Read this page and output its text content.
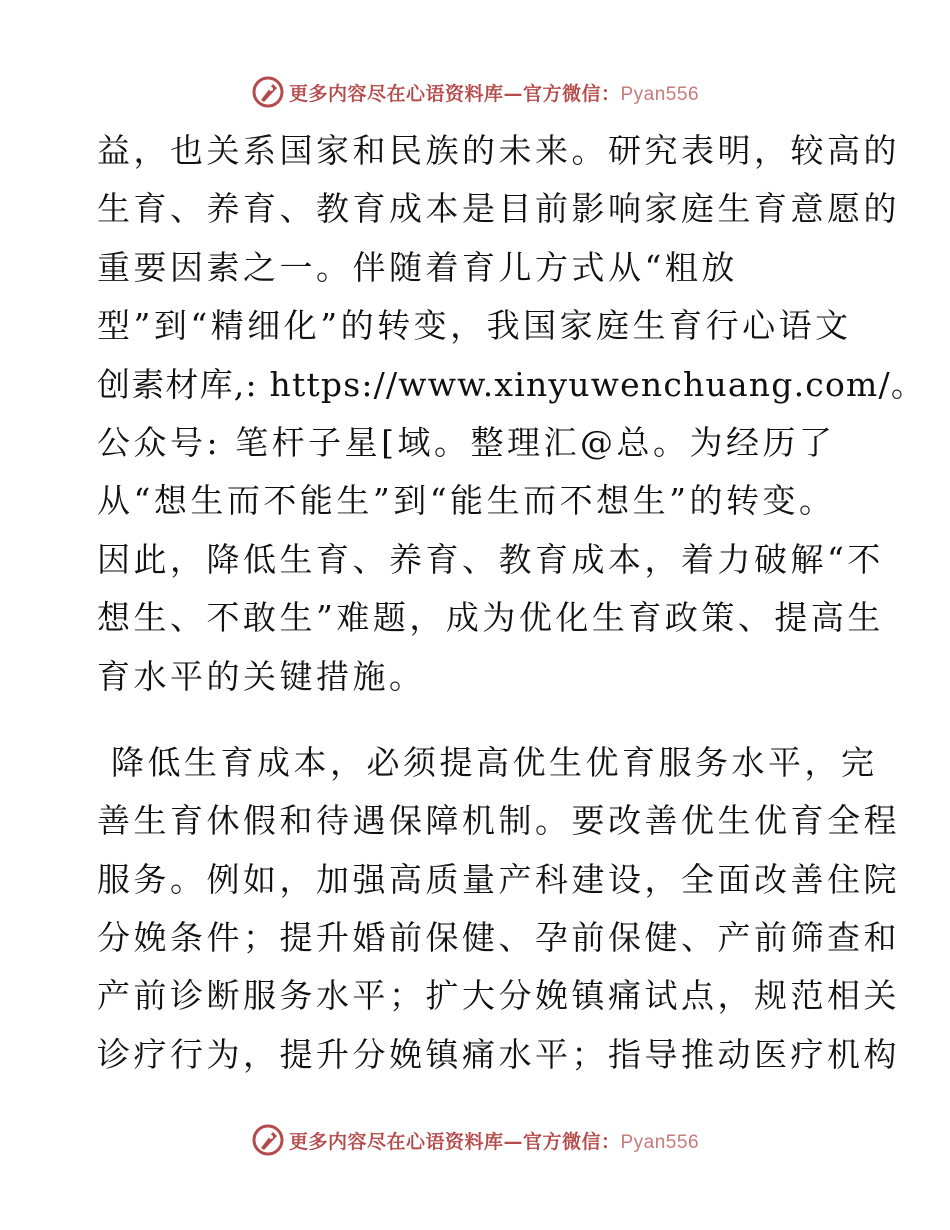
更多内容尽在心语资料库—官方微信：Pyan556
益，也关系国家和民族的未来。研究表明，较高的
生育、养育、教育成本是目前影响家庭生育意愿的
重要因素之一。伴随着育儿方式从“粗放
型”到“精细化”的转变，我国家庭生育行心语文
创素材库,: https://www.xinyuwenchuang.com/。
公众号: 笔杆子星[域。整理汇@总。为经历了
从“想生而不能生”到“能生而不想生”的转变。
因此，降低生育、养育、教育成本，着力破解“不
想生、不敢生”难题，成为优化生育政策、提高生
育水平的关键措施。
降低生育成本，必须提高优生优育服务水平，完
善生育休假和待遇保障机制。要改善优生优育全程
服务。例如，加强高质量产科建设，全面改善住院
分娩条件；提升婚前保健、孕前保健、产前筛查和
产前诊断服务水平；扩大分娩镇痛试点，规范相关
诊疗行为，提升分娩镇痛水平；指导推动医疗机构
更多内容尽在心语资料库—官方微信：Pyan556
